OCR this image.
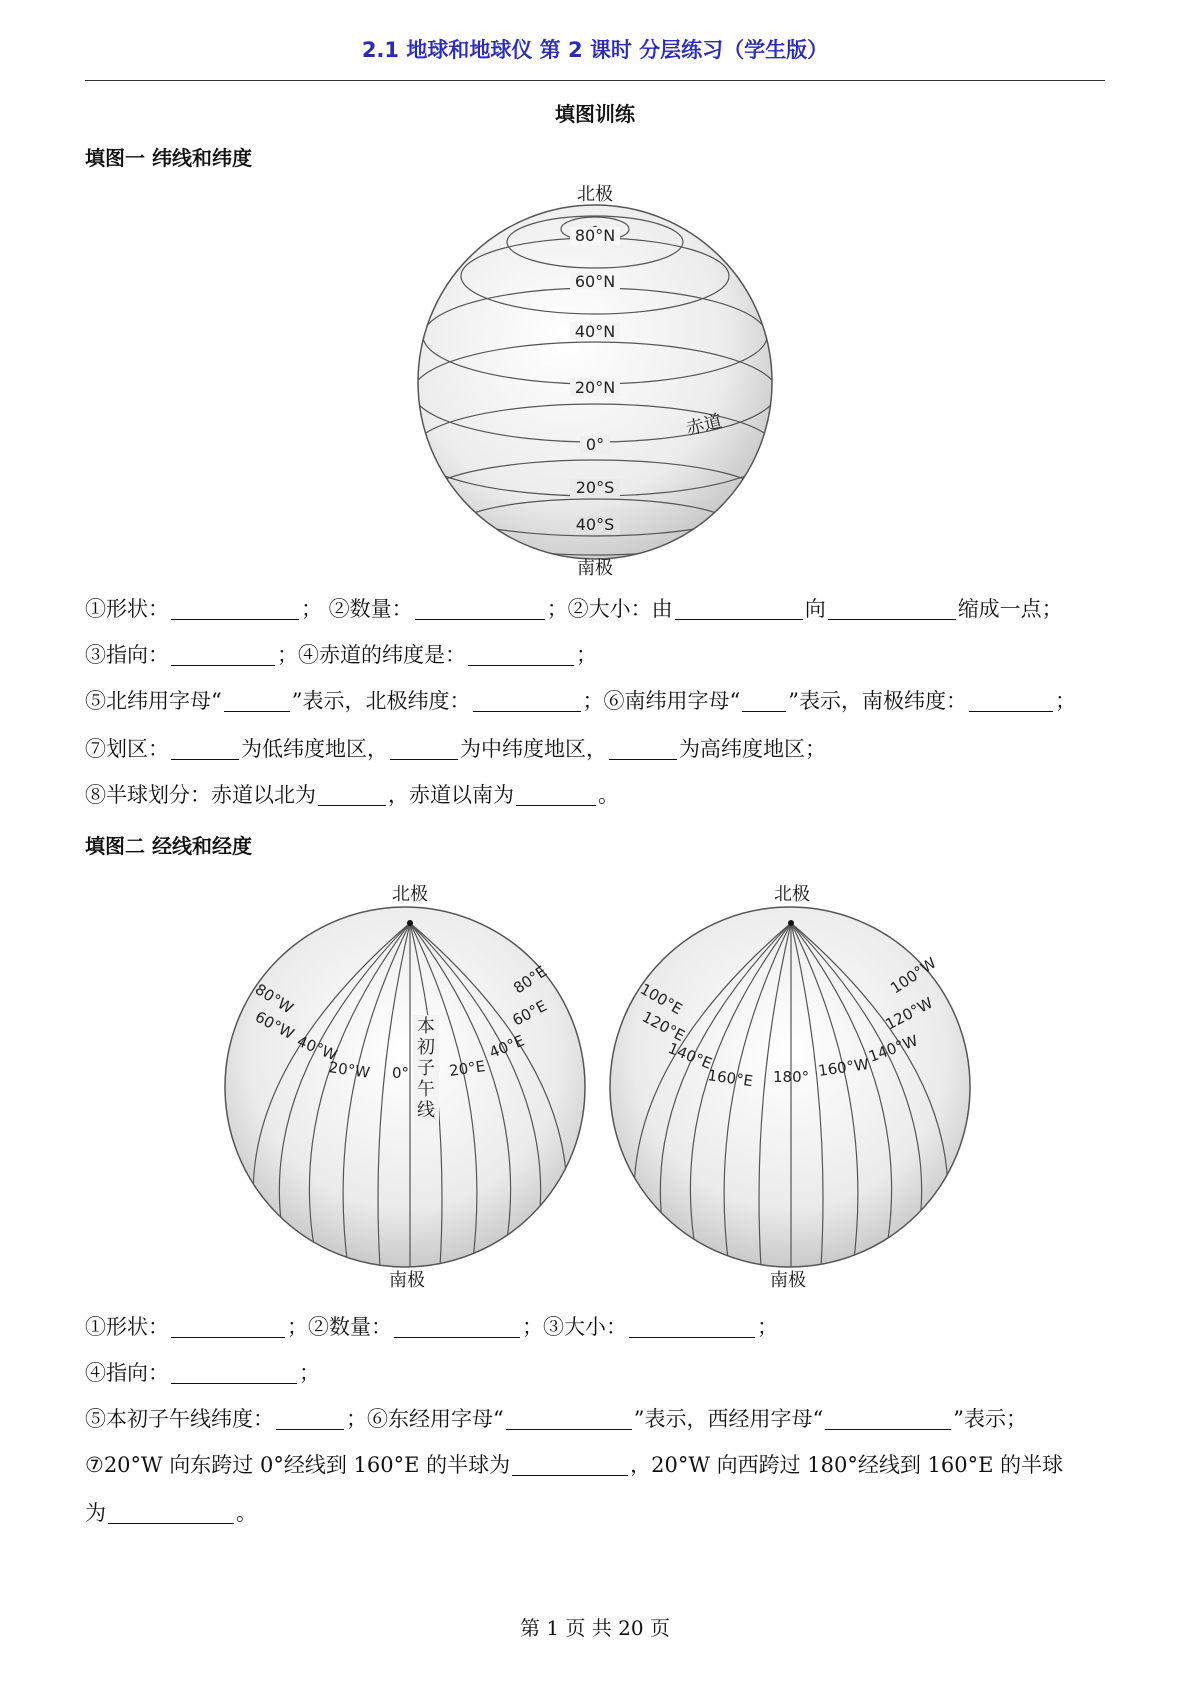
2.1 地球和地球仪 第 2 课时 分层练习（学生版）
填图训练
填图一 纬线和纬度
北极
80°N
60°N
40°N
20°N
0°
20°S
40°S
赤道
南极
①形状：	； ②数量：	；②大小：由	向	缩成一点；
③指向：	；④赤道的纬度是：	；
⑤北纬用字母“	”表示，北极纬度：	；⑥南纬用字母“ ”表示，南极纬度：	；
⑦划区：	为低纬度地区，	为中纬度地区，	为高纬度地区；
⑧半球划分：赤道以北为	，赤道以南为	。
填图二 经线和经度
北极
80°W
60°W
40°W
20°W 0°	20°E
40°E
60°E
80°E
本
初
子
午
线
南极
北极
100°E
120°E
140°E
160°E 180° 160°W
140°W
120°W
100°W
南极
①形状：	；②数量：	；③大小：	；
④指向：	；
⑤本初子午线纬度：	；⑥东经用字母“	”表示，西经用字母“	”表示；
⑦20°W 向东跨过 0°经线到 160°E 的半球为	，20°W 向西跨过 180°经线到 160°E 的半球
为	。
第 1 页 共 20 页
